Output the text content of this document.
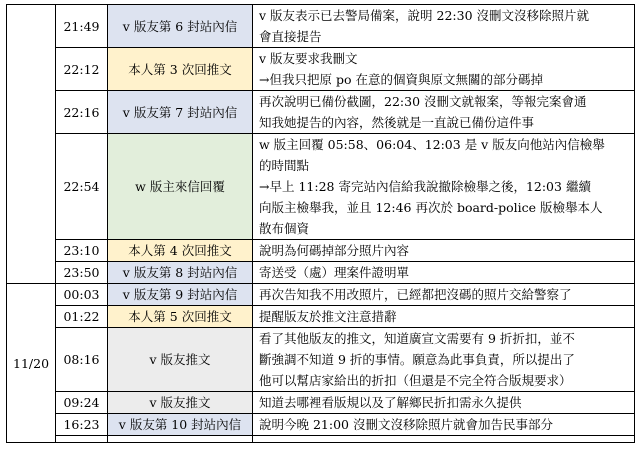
	21:49	v 版友第 6 封站內信	v 版友表示已去警局備案，說明 22:30 沒刪文沒移除照片就
會直接提告

	22:12	本人第 3 次回推文	v 版友要求我刪文
→但我只把原 po 在意的個資與原文無關的部分碼掉

	22:16	v 版友第 7 封站內信	再次說明已備份截圖，22:30 沒刪文就報案，等報完案會通
知我她提告的內容，然後就是一直說已備份這件事

	22:54	w 版主來信回覆	w 版主回覆 05:58、06:04、12:03 是 v 版友向他站內信檢舉
的時間點
→早上 11:28 寄完站內信給我說撤除檢舉之後，12:03 繼續
向版主檢舉我，並且 12:46 再次於 board-police 版檢舉本人
散布個資

	23:10	本人第 4 次回推文	說明為何碼掉部分照片內容

	23:50	v 版友第 8 封站內信	寄送受（處）理案件證明單

11/20	00:03	v 版友第 9 封站內信	再次告知我不用改照片，已經都把沒碼的照片交給警察了

	01:22	本人第 5 次回推文	提醒版友於推文注意措辭

	08:16	v 版友推文	看了其他版友的推文，知道廣宣文需要有 9 折折扣，並不
斷強調不知道 9 折的事情。願意為此事負責，所以提出了
他可以幫店家給出的折扣（但還是不完全符合版規要求）

	09:24	v 版友推文	知道去哪裡看版規以及了解鄉民折扣需永久提供

	16:23	v 版友第 10 封站內信	說明今晚 21:00 沒刪文沒移除照片就會加告民事部分
